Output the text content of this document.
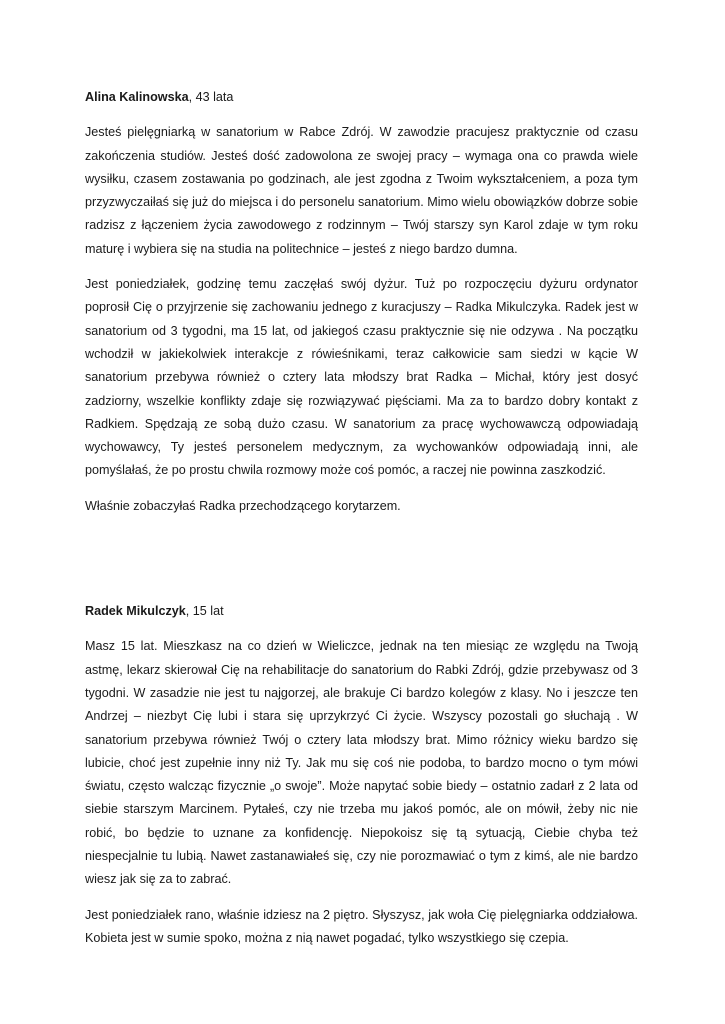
Alina Kalinowska, 43 lata

Jesteś pielęgniarką w sanatorium w Rabce Zdrój. W zawodzie pracujesz praktycznie od czasu zakończenia studiów. Jesteś dość zadowolona ze swojej pracy – wymaga ona co prawda wiele wysiłku, czasem zostawania po godzinach, ale jest zgodna z Twoim wykształceniem, a poza tym przyzwyczaiłaś się już do miejsca i do personelu sanatorium. Mimo wielu obowiązków dobrze sobie radzisz z łączeniem życia zawodowego z rodzinnym – Twój starszy syn Karol zdaje w tym roku maturę i wybiera się na studia na politechnice – jesteś z niego bardzo dumna.

Jest poniedziałek, godzinę temu zaczęłaś swój dyżur. Tuż po rozpoczęciu dyżuru ordynator poprosił Cię o przyjrzenie się zachowaniu jednego z kuracjuszy – Radka Mikulczyka. Radek jest w sanatorium od 3 tygodni, ma 15 lat, od jakiegoś czasu praktycznie się nie odzywa . Na początku wchodził w jakiekolwiek interakcje z rówieśnikami, teraz całkowicie sam siedzi w kącie W sanatorium przebywa również o cztery lata młodszy brat Radka – Michał, który jest dosyć zadziorny, wszelkie konflikty zdaje się rozwiązywać pięściami. Ma za to bardzo dobry kontakt z Radkiem. Spędzają ze sobą dużo czasu. W sanatorium za pracę wychowawczą odpowiadają wychowawcy, Ty jesteś personelem medycznym, za wychowanków odpowiadają inni, ale pomyślałaś, że po prostu chwila rozmowy może coś pomóc, a raczej nie powinna zaszkodzić.

Właśnie zobaczyłaś Radka przechodzącego korytarzem.

Radek Mikulczyk, 15 lat

Masz 15 lat. Mieszkasz na co dzień w Wieliczce, jednak na ten miesiąc ze względu na Twoją astmę, lekarz skierował Cię na rehabilitacje do sanatorium do Rabki Zdrój, gdzie przebywasz od 3 tygodni. W zasadzie nie jest tu najgorzej, ale brakuje Ci bardzo kolegów z klasy. No i jeszcze ten Andrzej – niezbyt Cię lubi i stara się uprzykrzyć Ci życie. Wszyscy pozostali go słuchają . W sanatorium przebywa również Twój o cztery lata młodszy brat. Mimo różnicy wieku bardzo się lubicie, choć jest zupełnie inny niż Ty. Jak mu się coś nie podoba, to bardzo mocno o tym mówi światu, często walcząc fizycznie „o swoje”. Może napytać sobie biedy – ostatnio zadarł z 2 lata od siebie starszym Marcinem. Pytałeś, czy nie trzeba mu jakoś pomóc, ale on mówił, żeby nic nie robić, bo będzie to uznane za konfidencję. Niepokoisz się tą sytuacją, Ciebie chyba też niespecjalnie tu lubią. Nawet zastanawiałeś się, czy nie porozmawiać o tym z kimś, ale nie bardzo wiesz jak się za to zabrać.

Jest poniedziałek rano, właśnie idziesz na 2 piętro. Słyszysz, jak woła Cię pielęgniarka oddziałowa. Kobieta jest w sumie spoko, można z nią nawet pogadać, tylko wszystkiego się czepia.
